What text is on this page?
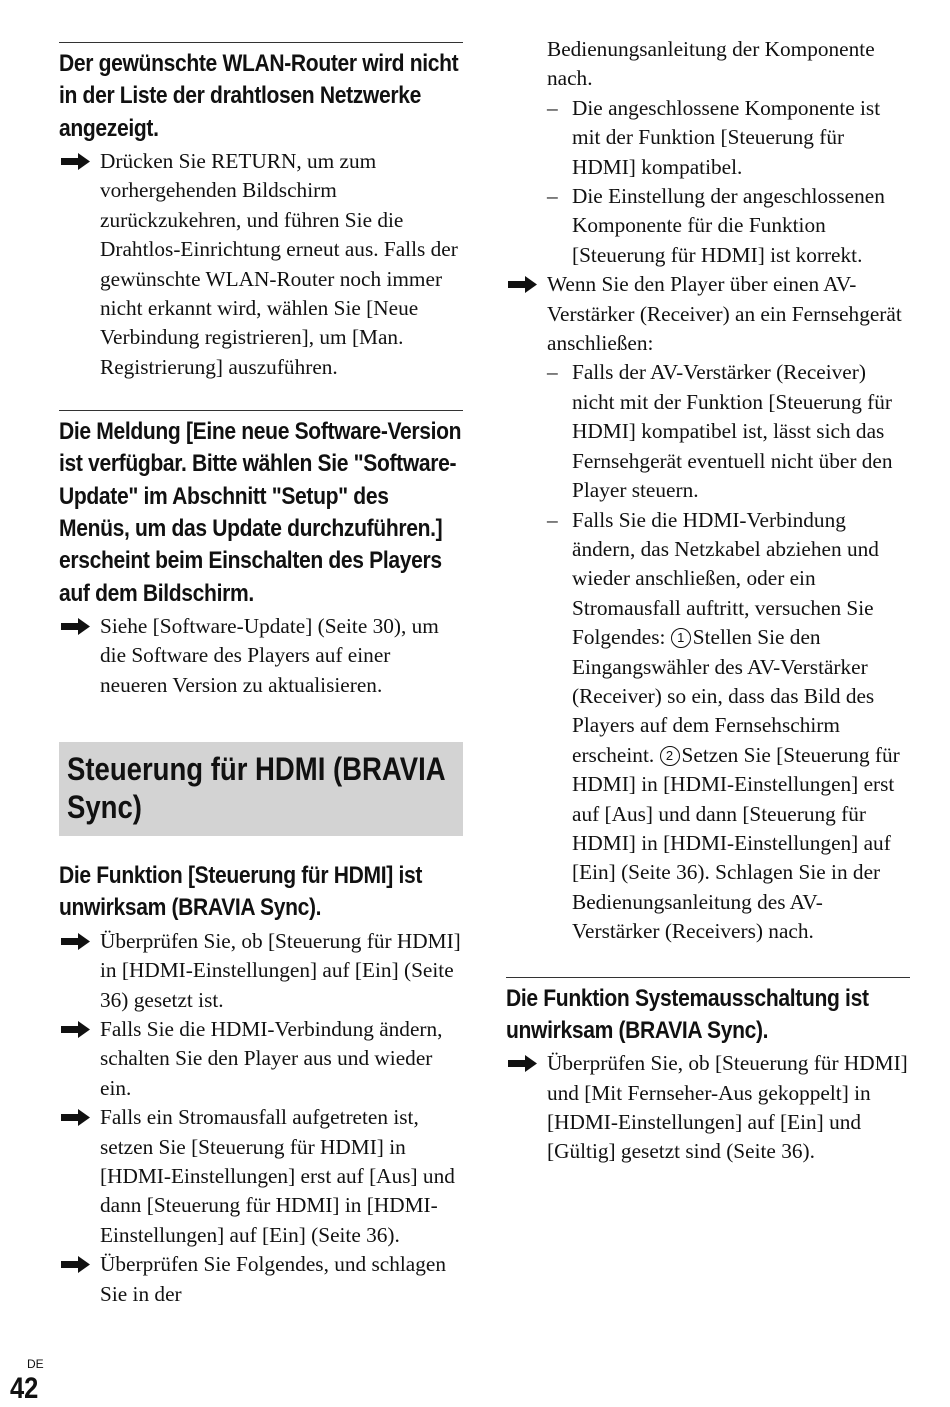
Der gewünschte WLAN-Router wird nicht in der Liste der drahtlosen Netzwerke angezeigt.
Drücken Sie RETURN, um zum vorhergehenden Bildschirm zurückzukehren, und führen Sie die Drahtlos-Einrichtung erneut aus. Falls der gewünschte WLAN-Router noch immer nicht erkannt wird, wählen Sie [Neue Verbindung registrieren], um [Man. Registrierung] auszuführen.
Die Meldung [Eine neue Software-Version ist verfügbar. Bitte wählen Sie "Software-Update" im Abschnitt "Setup" des Menüs, um das Update durchzuführen.] erscheint beim Einschalten des Players auf dem Bildschirm.
Siehe [Software-Update] (Seite 30), um die Software des Players auf einer neueren Version zu aktualisieren.
Steuerung für HDMI (BRAVIA Sync)
Die Funktion [Steuerung für HDMI] ist unwirksam (BRAVIA Sync).
Überprüfen Sie, ob [Steuerung für HDMI] in [HDMI-Einstellungen] auf [Ein] (Seite 36) gesetzt ist.
Falls Sie die HDMI-Verbindung ändern, schalten Sie den Player aus und wieder ein.
Falls ein Stromausfall aufgetreten ist, setzen Sie [Steuerung für HDMI] in [HDMI-Einstellungen] erst auf [Aus] und dann [Steuerung für HDMI] in [HDMI-Einstellungen] auf [Ein] (Seite 36).
Überprüfen Sie Folgendes, und schlagen Sie in der
Bedienungsanleitung der Komponente nach.
– Die angeschlossene Komponente ist mit der Funktion [Steuerung für HDMI] kompatibel.
– Die Einstellung der angeschlossenen Komponente für die Funktion [Steuerung für HDMI] ist korrekt.
Wenn Sie den Player über einen AV-Verstärker (Receiver) an ein Fernsehgerät anschließen:
– Falls der AV-Verstärker (Receiver) nicht mit der Funktion [Steuerung für HDMI] kompatibel ist, lässt sich das Fernsehgerät eventuell nicht über den Player steuern.
– Falls Sie die HDMI-Verbindung ändern, das Netzkabel abziehen und wieder anschließen, oder ein Stromausfall auftritt, versuchen Sie Folgendes: 1 Stellen Sie den Eingangswähler des AV-Verstärker (Receiver) so ein, dass das Bild des Players auf dem Fernsehschirm erscheint. 2 Setzen Sie [Steuerung für HDMI] in [HDMI-Einstellungen] erst auf [Aus] und dann [Steuerung für HDMI] in [HDMI-Einstellungen] auf [Ein] (Seite 36). Schlagen Sie in der Bedienungsanleitung des AV-Verstärker (Receivers) nach.
Die Funktion Systemausschaltung ist unwirksam (BRAVIA Sync).
Überprüfen Sie, ob [Steuerung für HDMI] und [Mit Fernseher-Aus gekoppelt] in [HDMI-Einstellungen] auf [Ein] und [Gültig] gesetzt sind (Seite 36).
DE
42
